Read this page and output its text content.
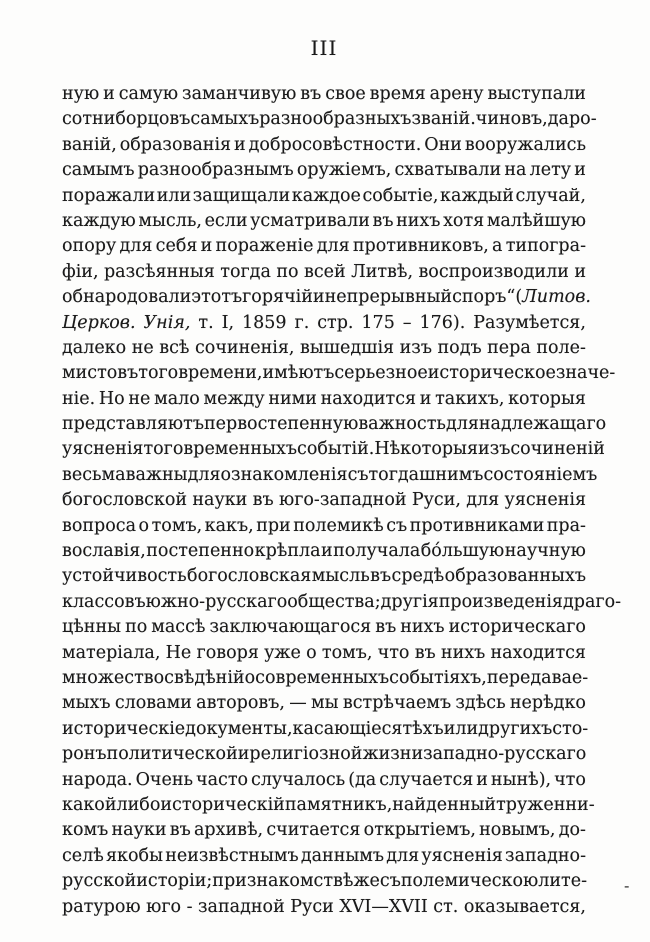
III
ную и самую заманчивую въ свое время арену выступали
сотни борцовъ самыхъ разнообразныхъ званій. чиновъ, даро-
ваній, образованія и добросовѣстности. Они вооружались
самымъ разнообразнымъ оружіемъ, схватывали на лету и
поражали или защищали каждое событіе, каждый случай,
каждую мысль, если усматривали въ нихъ хотя малѣйшую
опору для себя и пораженіе для противниковъ, а типогра-
фіи, разсѣянныя тогда по всей Литвѣ, воспроизводили и
обнародовали этотъ горячій и непрерывный споръ“ (Литов.
Церков. Унія, т. I, 1859 г. стр. 175 – 176). Разумѣется,
далеко не всѣ сочиненія, вышедшія изъ подъ пера поле-
мистовъ того времени, имѣютъ серьезное историческое значе-
ніе. Но не мало между ними находится и такихъ, которыя
представляютъ первостепенную важность для надлежащаго
уясненія тоговременныхъ событій. Нѣкоторыя изъ сочиненій
весьма важны для ознакомленія съ тогдашнимъ состояніемъ
богословской науки въ юго-западной Руси, для уясненія
вопроса о томъ, какъ, при полемикѣ съ противниками пра-
вославія, постепенно крѣпла и получала бо́льшую научную
устойчивость богословская мысль въ средѣ образованныхъ
классовъ южно-русскаго общества; другія произведенія драго-
цѣнны по массѣ заключающагося въ нихъ историческаго
матеріала, Не говоря уже о томъ, что въ нихъ находится
множество свѣдѣній о современныхъ событіяхъ, передавае-
мыхъ словами авторовъ, — мы встрѣчаемъ здѣсь нерѣдко
историческіе документы, касающіеся тѣхъ или другихъ сто-
ронъ политической и религіозной жизни западно - русскаго
народа. Очень часто случалось (да случается и нынѣ), что
какой либо историческій памятникъ, найденный труженни-
комъ науки въ архивѣ, считается открытіемъ, новымъ, до-
селѣ якобы неизвѣстнымъ даннымъ для уясненія западно-
русской исторіи; при знакомствѣ же съ полемическою лите-
ратурою юго - западной Руси XVI—XVII ст. оказывается,
-
